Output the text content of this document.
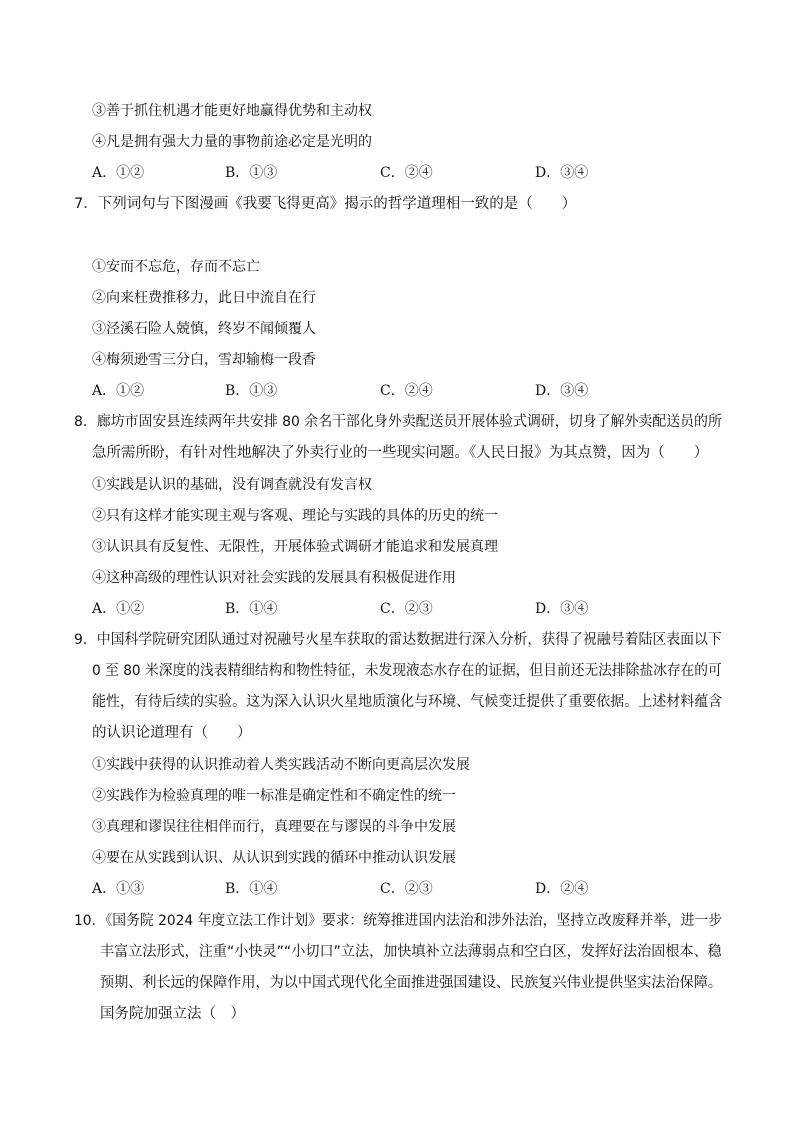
③善于抓住机遇才能更好地赢得优势和主动权
④凡是拥有强大力量的事物前途必定是光明的
A．①②	B．①③	C．②④	D．③④
7．下列词句与下图漫画《我要飞得更高》揭示的哲学道理相一致的是（　　）
①安而不忘危，存而不忘亡
②向来枉费推移力，此日中流自在行
③泾溪石险人兢慎，终岁不闻倾覆人
④梅须逊雪三分白，雪却输梅一段香
A．①②	B．①③	C．②④	D．③④
8．廊坊市固安县连续两年共安排 80 余名干部化身外卖配送员开展体验式调研，切身了解外卖配送员的所
急所需所盼，有针对性地解决了外卖行业的一些现实问题。《人民日报》为其点赞，因为（　　）
①实践是认识的基础，没有调查就没有发言权
②只有这样才能实现主观与客观、理论与实践的具体的历史的统一
③认识具有反复性、无限性，开展体验式调研才能追求和发展真理
④这种高级的理性认识对社会实践的发展具有积极促进作用
A．①②	B．①④	C．②③	D．③④
9．中国科学院研究团队通过对祝融号火星车获取的雷达数据进行深入分析，获得了祝融号着陆区表面以下
0 至 80 米深度的浅表精细结构和物性特征，未发现液态水存在的证据，但目前还无法排除盐冰存在的可
能性，有待后续的实验。这为深入认识火星地质演化与环境、气候变迁提供了重要依据。上述材料蕴含
的认识论道理有（　　）
①实践中获得的认识推动着人类实践活动不断向更高层次发展
②实践作为检验真理的唯一标准是确定性和不确定性的统一
③真理和谬误往往相伴而行，真理要在与谬误的斗争中发展
④要在从实践到认识、从认识到实践的循环中推动认识发展
A．①③	B．①④	C．②③	D．②④
10．《国务院 2024 年度立法工作计划》要求：统筹推进国内法治和涉外法治，坚持立改废释并举，进一步
丰富立法形式，注重“小快灵”“小切口”立法，加快填补立法薄弱点和空白区，发挥好法治固根本、稳
预期、利长远的保障作用，为以中国式现代化全面推进强国建设、民族复兴伟业提供坚实法治保障。
国务院加强立法（　）
